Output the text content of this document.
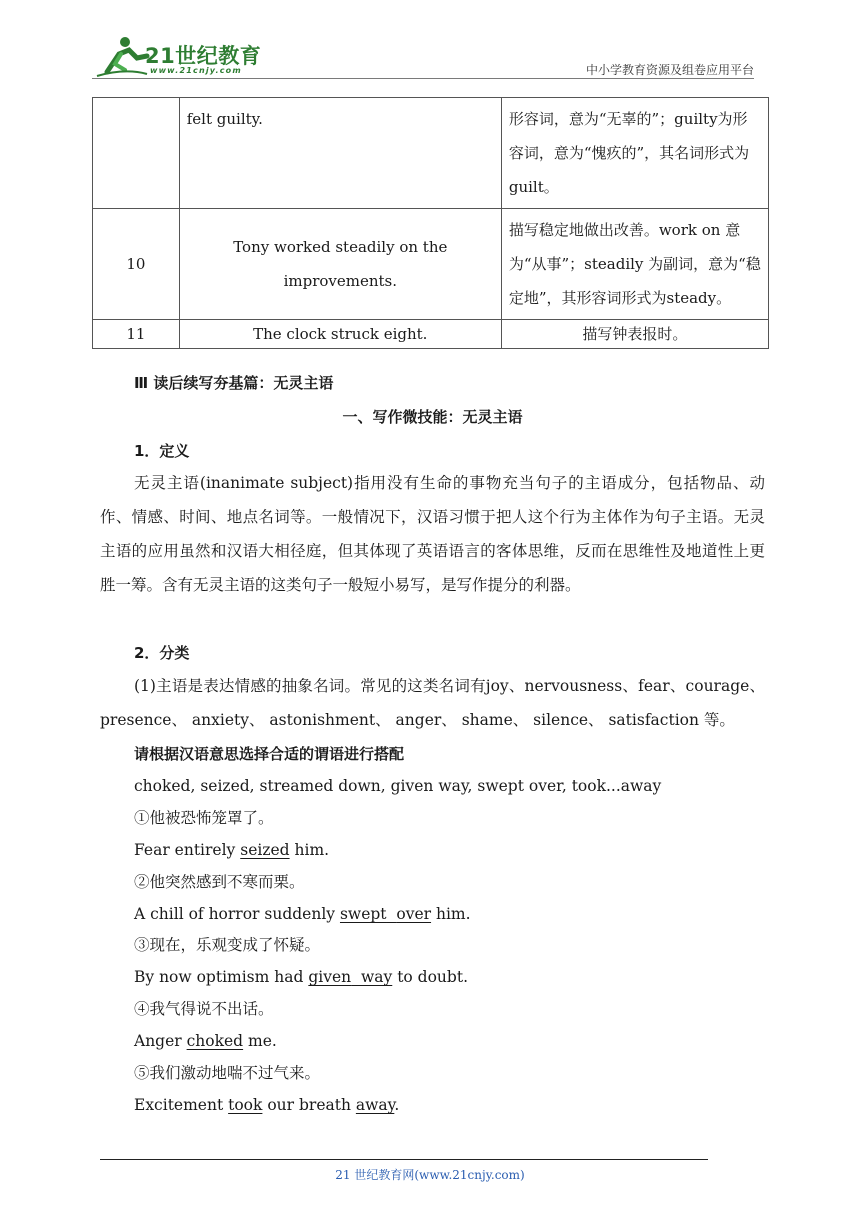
21世纪教育
www.21cnjy.com	中小学教育资源及组卷应用平台
	felt guilty.	形容词，意为“无辜的”；guilty为形容词，意为“愧疚的”，其名词形式为 guilt。
10	Tony worked steadily on the improvements.	描写稳定地做出改善。work on 意为“从事”；steadily 为副词，意为“稳定地”，其形容词形式为steady。
11	The clock struck eight.	描写钟表报时。
Ⅲ 读后续写夯基篇：无灵主语
一、写作微技能：无灵主语
1．定义
无灵主语(inanimate subject)指用没有生命的事物充当句子的主语成分，包括物品、动作、情感、时间、地点名词等。一般情况下，汉语习惯于把人这个行为主体作为句子主语。无灵主语的应用虽然和汉语大相径庭，但其体现了英语语言的客体思维，反而在思维性及地道性上更胜一筹。含有无灵主语的这类句子一般短小易写，是写作提分的利器。
2．分类
(1)主语是表达情感的抽象名词。常见的这类名词有joy、nervousness、fear、courage、presence、 anxiety、 astonishment、 anger、 shame、 silence、 satisfaction 等。
请根据汉语意思选择合适的谓语进行搭配
choked, seized, streamed down, given way, swept over, took...away
①他被恐怖笼罩了。
Fear entirely seized him.
②他突然感到不寒而栗。
A chill of horror suddenly swept over him.
③现在，乐观变成了怀疑。
By now optimism had given way to doubt.
④我气得说不出话。
Anger choked me.
⑤我们激动地喘不过气来。
Excitement took our breath away.
21 世纪教育网(www.21cnjy.com)
